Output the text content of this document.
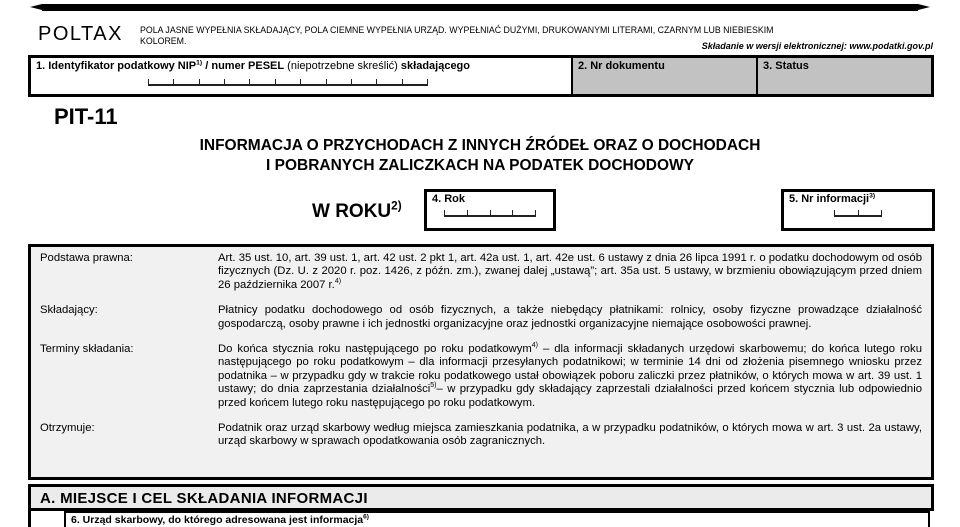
POLTAX POLA JASNE WYPEŁNIA SKŁADAJĄCY, POLA CIEMNE WYPEŁNIA URZĄD. WYPEŁNIAĆ DUŻYMI, DRUKOWANYMI LITERAMI, CZARNYM LUB NIEBIESKIM
KOLOREM.
Składanie w wersji elektronicznej: www.podatki.gov.pl
1. Identyfikator podatkowy NIP$^{1)}$ / numer PESEL (niepotrzebne skreślić) składającego	2. Nr dokumentu	3. Status
PIT-11
INFORMACJA O PRZYCHODACH Z INNYCH ŹRÓDEŁ ORAZ O DOCHODACH
I POBRANYCH ZALICZKACH NA PODATEK DOCHODOWY
W ROKU$^{2)}$
4. Rok	5. Nr informacji$^{3)}$
Podstawa prawna:	Art. 35 ust. 10, art. 39 ust. 1, art. 42 ust. 2 pkt 1, art. 42a ust. 1, art. 42e ust. 6 ustawy z dnia 26 lipca 1991 r. o podatku dochodowym od osób fizycznych (Dz. U. z 2020 r. poz. 1426, z późn. zm.), zwanej dalej „ustawą”; art. 35a ust. 5 ustawy, w brzmieniu obowiązującym przed dniem 26 października 2007 r.$^{4)}$
Składający:	Płatnicy podatku dochodowego od osób fizycznych, a także niebędący płatnikami: rolnicy, osoby fizyczne prowadzące działalność gospodarczą, osoby prawne i ich jednostki organizacyjne oraz jednostki organizacyjne niemające osobowości prawnej.
Terminy składania:	Do końca stycznia roku następującego po roku podatkowym$^{4)}$ – dla informacji składanych urzędowi skarbowemu; do końca lutego roku następującego po roku podatkowym – dla informacji przesyłanych podatnikowi; w terminie 14 dni od złożenia pisemnego wniosku przez podatnika – w przypadku gdy w trakcie roku podatkowego ustał obowiązek poboru zaliczki przez płatników, o których mowa w art. 39 ust. 1 ustawy; do dnia zaprzestania działalności$^{5)}$– w przypadku gdy składający zaprzestali działalności przed końcem stycznia lub odpowiednio przed końcem lutego roku następującego po roku podatkowym.
Otrzymuje:	Podatnik oraz urząd skarbowy według miejsca zamieszkania podatnika, a w przypadku podatników, o których mowa w art. 3 ust. 2a ustawy, urząd skarbowy w sprawach opodatkowania osób zagranicznych.
A. MIEJSCE I CEL SKŁADANIA INFORMACJI
6. Urząd skarbowy, do którego adresowana jest informacja$^{6)}$
